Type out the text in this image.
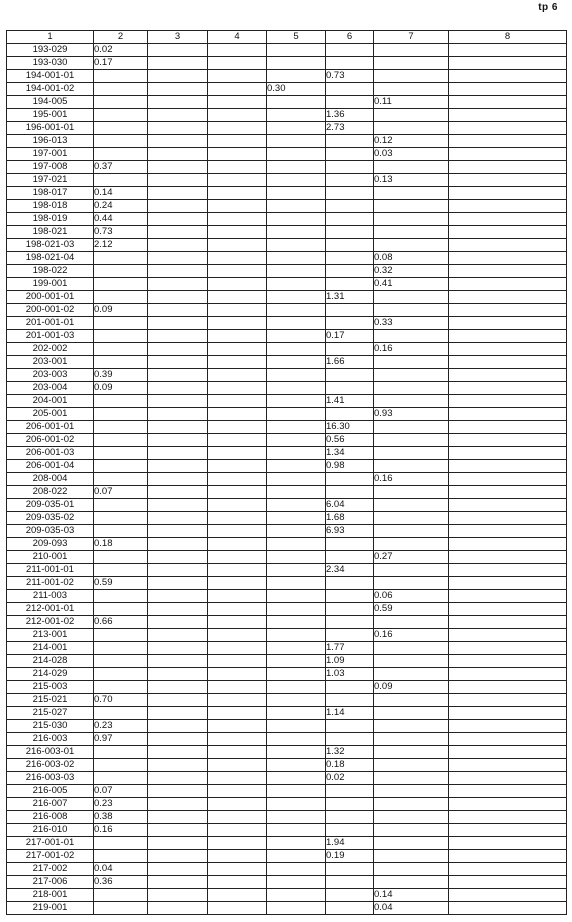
tp 6
1	2	3	4	5	6	7	8
193-029	0.02						
193-030	0.17						
194-001-01					0.73		
194-001-02				0.30			
194-005						0.11	
195-001					1.36		
196-001-01					2.73		
196-013						0.12	
197-001						0.03	
197-008	0.37						
197-021						0.13	
198-017	0.14						
198-018	0.24						
198-019	0.44						
198-021	0.73						
198-021-03	2.12						
198-021-04						0.08	
198-022						0.32	
199-001						0.41	
200-001-01					1.31		
200-001-02	0.09						
201-001-01						0.33	
201-001-03					0.17		
202-002						0.16	
203-001					1.66		
203-003	0.39						
203-004	0.09						
204-001					1.41		
205-001						0.93	
206-001-01					16.30		
206-001-02					0.56		
206-001-03					1.34		
206-001-04					0.98		
208-004						0.16	
208-022	0.07						
209-035-01					6.04		
209-035-02					1.68		
209-035-03					6.93		
209-093	0.18						
210-001						0.27	
211-001-01					2.34		
211-001-02	0.59						
211-003						0.06	
212-001-01						0.59	
212-001-02	0.66						
213-001						0.16	
214-001					1.77		
214-028					1.09		
214-029					1.03		
215-003						0.09	
215-021	0.70						
215-027					1.14		
215-030	0.23						
216-003	0.97						
216-003-01					1.32		
216-003-02					0.18		
216-003-03					0.02		
216-005	0.07						
216-007	0.23						
216-008	0.38						
216-010	0.16						
217-001-01					1.94		
217-001-02					0.19		
217-002	0.04						
217-006	0.36						
218-001						0.14	
219-001						0.04	
